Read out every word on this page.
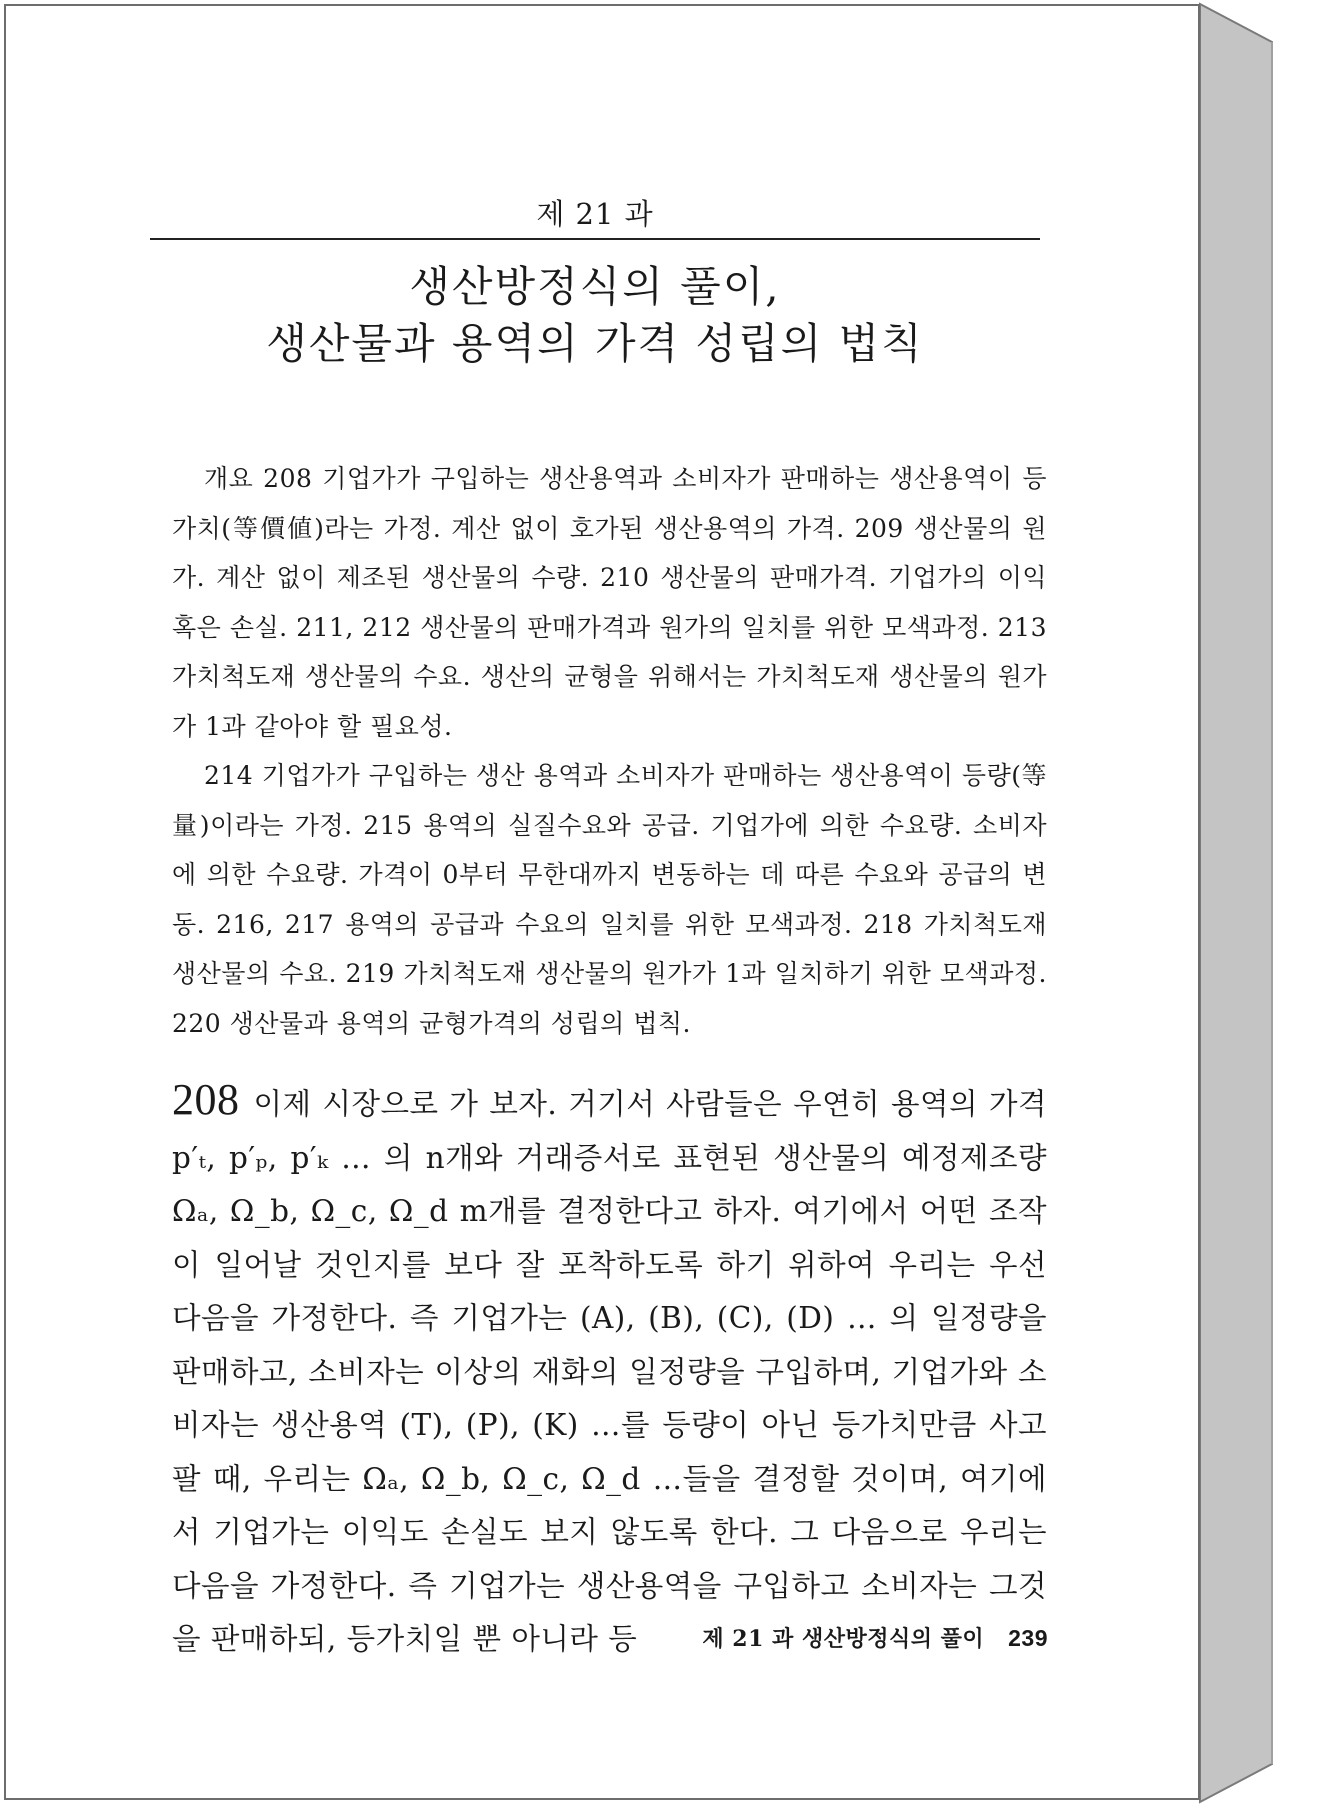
제 21 과
생산방정식의 풀이,
생산물과 용역의 가격 성립의 법칙

개요 208 기업가가 구입하는 생산용역과 소비자가 판매하는 생산용역이 등가치(等價値)라는 가정. 계산 없이 호가된 생산용역의 가격. 209 생산물의 원가. 계산 없이 제조된 생산물의 수량. 210 생산물의 판매가격. 기업가의 이익 혹은 손실. 211, 212 생산물의 판매가격과 원가의 일치를 위한 모색과정. 213 가치척도재 생산물의 수요. 생산의 균형을 위해서는 가치척도재 생산물의 원가가 1과 같아야 할 필요성.

214 기업가가 구입하는 생산 용역과 소비자가 판매하는 생산용역이 등량(等量)이라는 가정. 215 용역의 실질수요와 공급. 기업가에 의한 수요량. 소비자에 의한 수요량. 가격이 0부터 무한대까지 변동하는 데 따른 수요와 공급의 변동. 216, 217 용역의 공급과 수요의 일치를 위한 모색과정. 218 가치척도재 생산물의 수요. 219 가치척도재 생산물의 원가가 1과 일치하기 위한 모색과정. 220 생산물과 용역의 균형가격의 성립의 법칙.

208 이제 시장으로 가 보자. 거기서 사람들은 우연히 용역의 가격 p′ₜ, p′ₚ, p′ₖ … 의 n개와 거래증서로 표현된 생산물의 예정제조량 Ωₐ, Ω_b, Ω_c, Ω_d m개를 결정한다고 하자. 여기에서 어떤 조작이 일어날 것인지를 보다 잘 포착하도록 하기 위하여 우리는 우선 다음을 가정한다. 즉 기업가는 (A), (B), (C), (D) … 의 일정량을 판매하고, 소비자는 이상의 재화의 일정량을 구입하며, 기업가와 소비자는 생산용역 (T), (P), (K) …를 등량이 아닌 등가치만큼 사고팔 때, 우리는 Ωₐ, Ω_b, Ω_c, Ω_d …들을 결정할 것이며, 여기에서 기업가는 이익도 손실도 보지 않도록 한다. 그 다음으로 우리는 다음을 가정한다. 즉 기업가는 생산용역을 구입하고 소비자는 그것을 판매하되, 등가치일 뿐 아니라 등	제 21 과 생산방정식의 풀이 239
